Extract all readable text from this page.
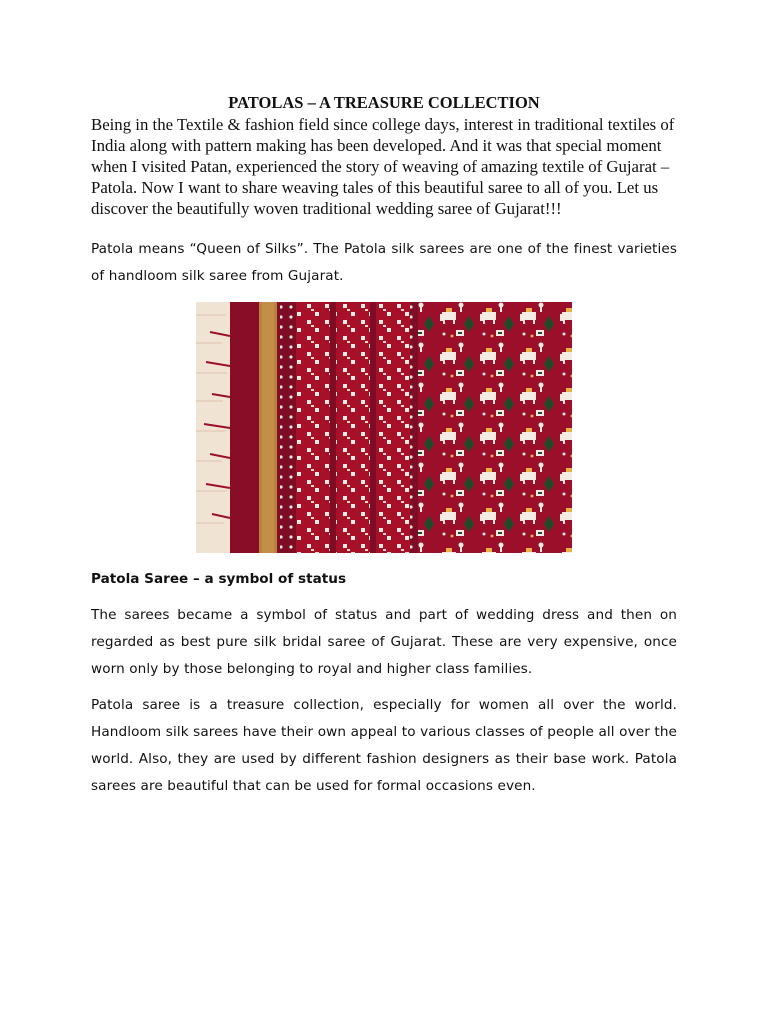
PATOLAS – A TREASURE COLLECTION

Being in the Textile & fashion field since college days, interest in traditional textiles of India along with pattern making has been developed. And it was that special moment when I visited Patan, experienced the story of weaving of amazing textile of Gujarat – Patola. Now I want to share weaving tales of this beautiful saree to all of you. Let us discover the beautifully woven traditional wedding saree of Gujarat!!!

Patola means “Queen of Silks”. The Patola silk sarees are one of the finest varieties of handloom silk saree from Gujarat.

Patola Saree – a symbol of status

The sarees became a symbol of status and part of wedding dress and then on regarded as best pure silk bridal saree of Gujarat. These are very expensive, once worn only by those belonging to royal and higher class families.

Patola saree is a treasure collection, especially for women all over the world. Handloom silk sarees have their own appeal to various classes of people all over the world. Also, they are used by different fashion designers as their base work. Patola sarees are beautiful that can be used for formal occasions even.
